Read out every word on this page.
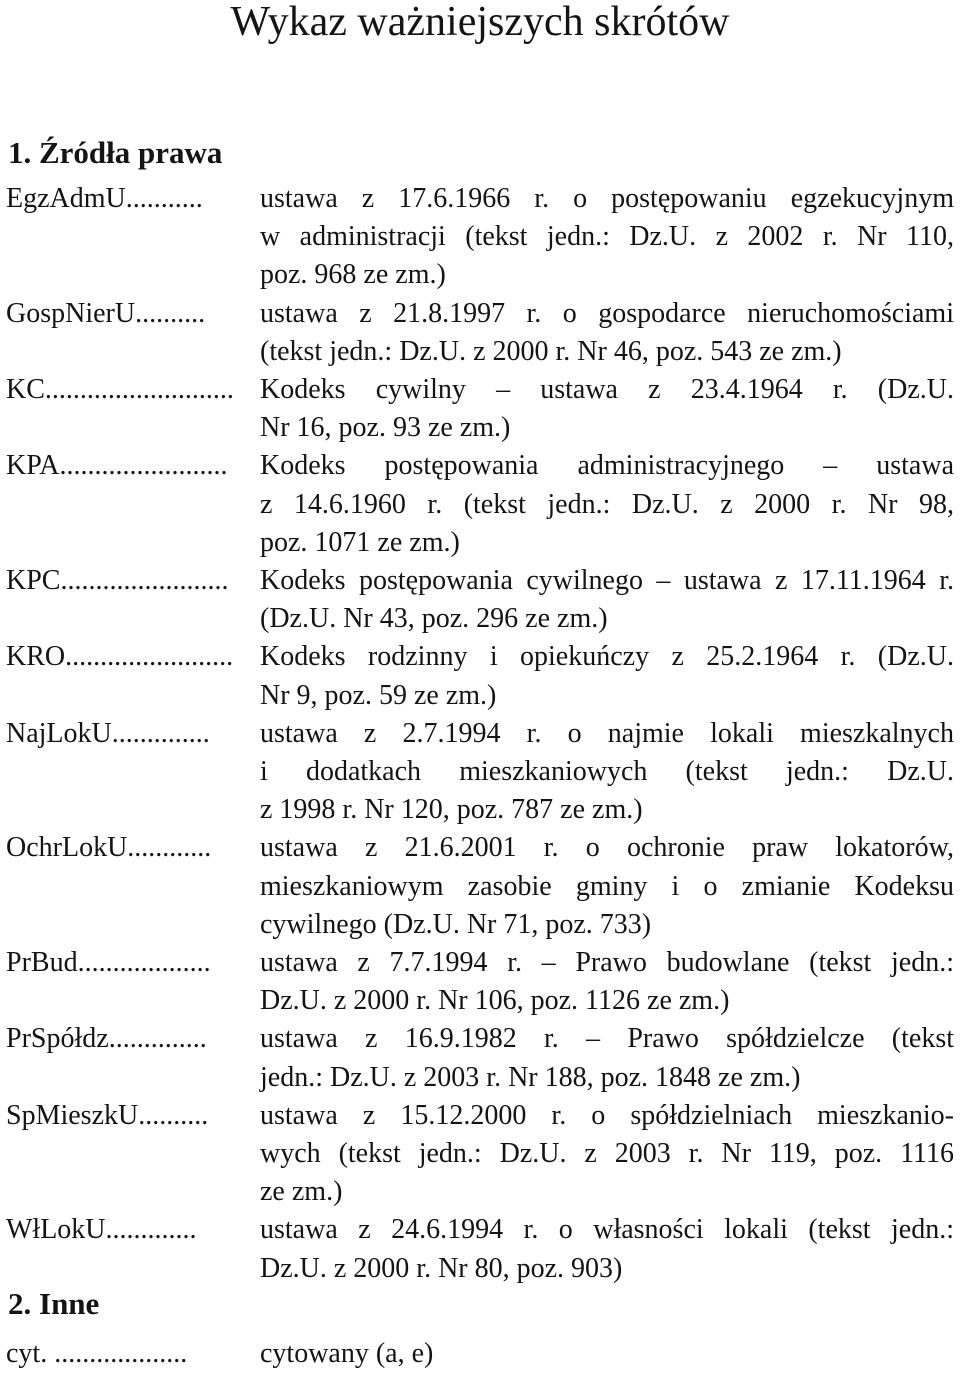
Wykaz ważniejszych skrótów
1. Źródła prawa
2. Inne
EgzAdmU...........	ustawa z 17.6.1966 r. o postępowaniu egzekucyjnym
w administracji (tekst jedn.: Dz.U. z 2002 r. Nr 110,
poz. 968 ze zm.)
GospNierU..........	ustawa z 21.8.1997 r. o gospodarce nieruchomościami
(tekst jedn.: Dz.U. z 2000 r. Nr 46, poz. 543 ze zm.)
KC........................... Kodeks cywilny – ustawa z 23.4.1964 r. (Dz.U.
Nr 16, poz. 93 ze zm.)
KPA........................	Kodeks postępowania administracyjnego – ustawa
z 14.6.1960 r. (tekst jedn.: Dz.U. z 2000 r. Nr 98,
poz. 1071 ze zm.)
KPC........................	Kodeks postępowania cywilnego – ustawa z 17.11.1964 r.
(Dz.U. Nr 43, poz. 296 ze zm.)
KRO........................ Kodeks rodzinny i opiekuńczy z 25.2.1964 r. (Dz.U.
Nr 9, poz. 59 ze zm.)
NajLokU..............	ustawa z 2.7.1994 r. o najmie lokali mieszkalnych
i dodatkach mieszkaniowych (tekst jedn.: Dz.U.
z 1998 r. Nr 120, poz. 787 ze zm.)
OchrLokU............	ustawa z 21.6.2001 r. o ochronie praw lokatorów,
mieszkaniowym zasobie gminy i o zmianie Kodeksu
cywilnego (Dz.U. Nr 71, poz. 733)
PrBud...................	ustawa z 7.7.1994 r. – Prawo budowlane (tekst jedn.:
Dz.U. z 2000 r. Nr 106, poz. 1126 ze zm.)
PrSpółdz..............	ustawa z 16.9.1982 r. – Prawo spółdzielcze (tekst
jedn.: Dz.U. z 2003 r. Nr 188, poz. 1848 ze zm.)
SpMieszkU..........	ustawa z 15.12.2000 r. o spółdzielniach mieszkanio-
wych (tekst jedn.: Dz.U. z 2003 r. Nr 119, poz. 1116
ze zm.)
WłLokU.............	ustawa z 24.6.1994 r. o własności lokali (tekst jedn.:
Dz.U. z 2000 r. Nr 80, poz. 903)
cyt. ...................	cytowany (a, e)
